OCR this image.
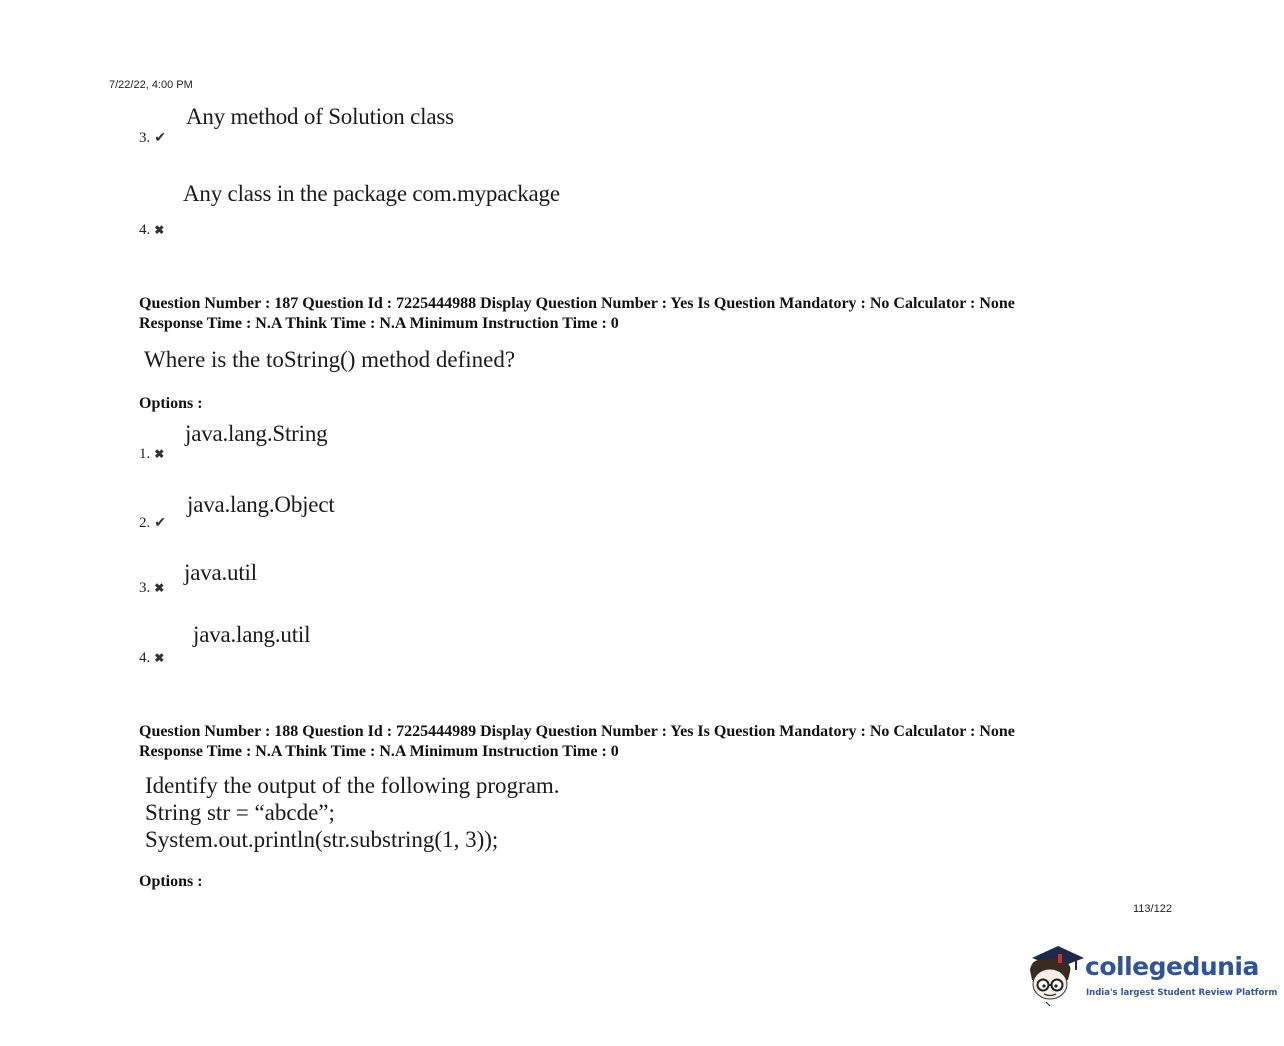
7/22/22, 4:00 PM
Any method of Solution class
3. ✔
Any class in the package com.mypackage
4. ✖
Question Number : 187 Question Id : 7225444988 Display Question Number : Yes Is Question Mandatory : No Calculator : None
Response Time : N.A Think Time : N.A Minimum Instruction Time : 0
Where is the toString() method defined?
Options :
java.lang.String
1. ✖
java.lang.Object
2. ✔
java.util
3. ✖
java.lang.util
4. ✖
Question Number : 188 Question Id : 7225444989 Display Question Number : Yes Is Question Mandatory : No Calculator : None
Response Time : N.A Think Time : N.A Minimum Instruction Time : 0
Identify the output of the following program.
String str = “abcde”;
System.out.println(str.substring(1, 3));
Options :
113/122
collegedunia
India's largest Student Review Platform
